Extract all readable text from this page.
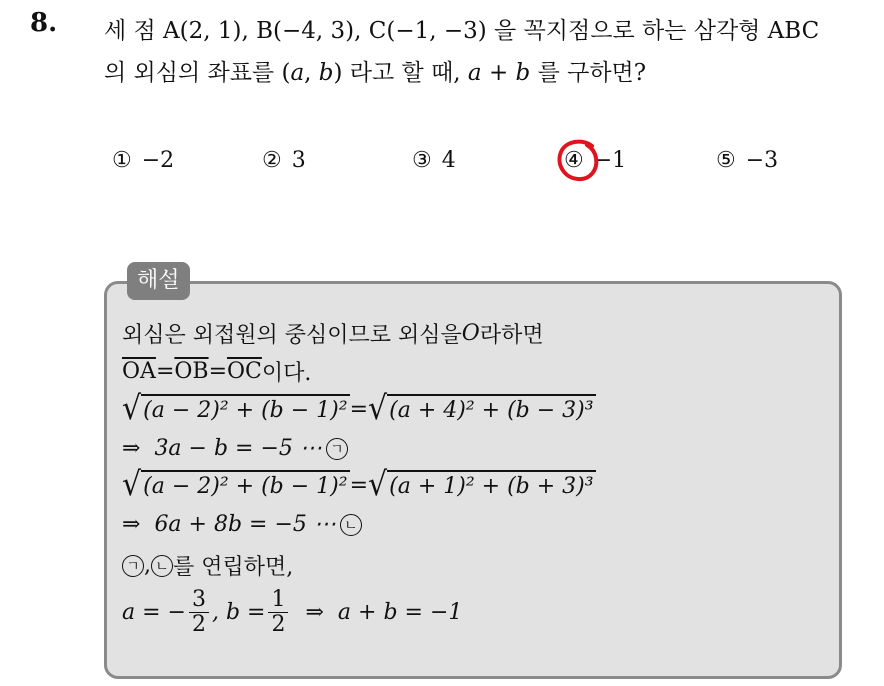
8. 세 점 A(2, 1), B(−4, 3), C(−1, −3) 을 꼭지점으로 하는 삼각형 ABC
의 외심의 좌표를 (a, b) 라고 할 때, a + b 를 구하면?
① −2	② 3	③ 4	④ −1	⑤ −3
해설
외심은 외접원의 중심이므로 외심을 O 라하면
$\overline{OA} = \overline{OB} = \overline{OC}$ 이다.
√ (a − 2)² + (b − 1)² = √ (a + 4)² + (b − 3)³
⇒ 3a − b = −5 ⋯ ㄱ
√ (a − 2)² + (b − 1)² = √ (a + 1)² + (b + 3)³
⇒ 6a + 8b = −5 ⋯ ㄴ
ㄱ , ㄴ 를 연립하면,
a = − $\frac{3}{2}$ , $b = \frac{1}{2}$ ⇒ a + b = −1
